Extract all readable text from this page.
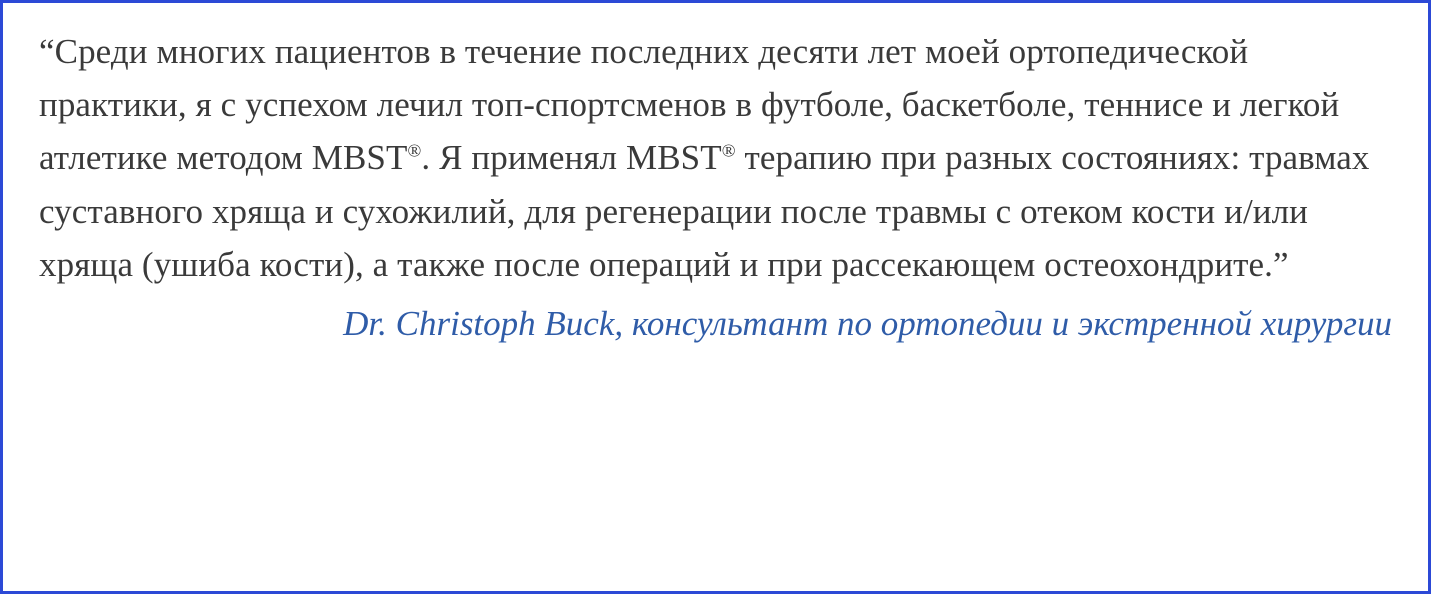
“Среди многих пациентов в течение последних десяти лет моей ортопедической практики, я с успехом лечил топ-спортсменов в футболе, баскетболе, теннисе и легкой атлетике методом MBST®. Я применял MBST® терапию при разных состояниях: травмах суставного хряща и сухожилий, для регенерации после травмы с отеком кости и/или хряща (ушиба кости), а также после операций и при рассекающем остеохондрите.”

Dr. Christoph Buck, консультант по ортопедии и экстренной хирургии
